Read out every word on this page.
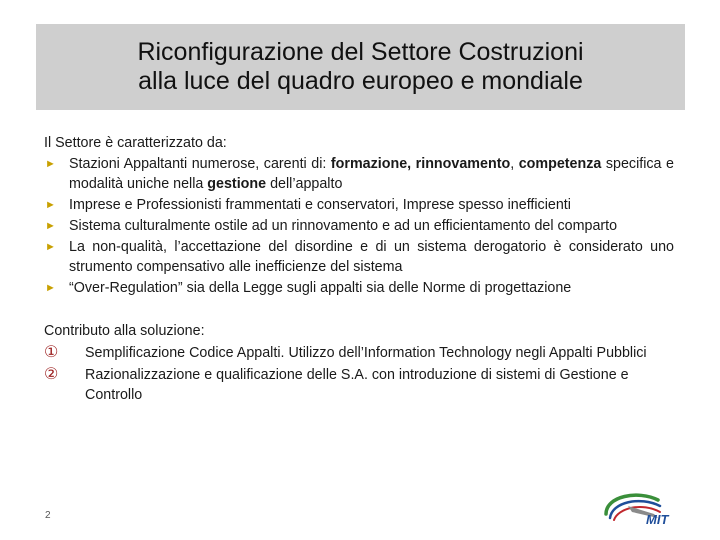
Riconfigurazione del Settore Costruzioni
alla luce del quadro europeo e mondiale

Il Settore è caratterizzato da:

► Stazioni Appaltanti numerose, carenti di: formazione, rinnovamento, competenza specifica e modalità uniche nella gestione dell’appalto
► Imprese e Professionisti frammentati e conservatori, Imprese spesso inefficienti
► Sistema culturalmente ostile ad un rinnovamento e ad un efficientamento del comparto
► La non-qualità, l’accettazione del disordine e di un sistema derogatorio è considerato uno strumento compensativo alle inefficienze del sistema
► “Over-Regulation” sia della Legge sugli appalti sia delle Norme di progettazione

Contributo alla soluzione:

① Semplificazione Codice Appalti. Utilizzo dell’Information Technology negli Appalti Pubblici
② Razionalizzazione e qualificazione delle S.A. con introduzione di sistemi di Gestione e Controllo
2	MIT
